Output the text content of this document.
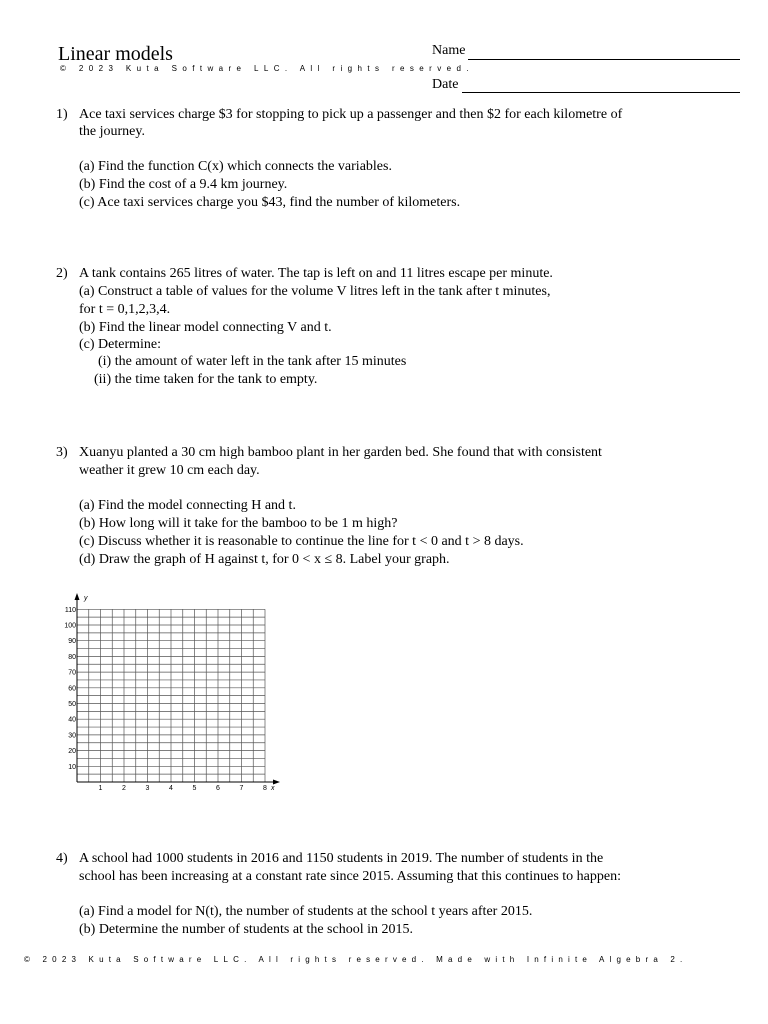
Linear models
© 2023 Kuta Software LLC. All rights reserved.
Name
Date
1) Ace taxi services charge $3 for stopping to pick up a passenger and then $2 for each kilometre of
the journey.
(a) Find the function C(x) which connects the variables.
(b) Find the cost of a 9.4 km journey.
(c) Ace taxi services charge you $43, find the number of kilometers.
2) A tank contains 265 litres of water. The tap is left on and 11 litres escape per minute.
(a) Construct a table of values for the volume V litres left in the tank after t minutes,
for t = 0,1,2,3,4.
(b) Find the linear model connecting V and t.
(c) Determine:
(i) the amount of water left in the tank after 15 minutes
(ii) the time taken for the tank to empty.
3) Xuanyu planted a 30 cm high bamboo plant in her garden bed. She found that with consistent
weather it grew 10 cm each day.
(a) Find the model connecting H and t.
(b) How long will it take for the bamboo to be 1 m high?
(c) Discuss whether it is reasonable to continue the line for t < 0 and t > 8 days.
(d) Draw the graph of H against t, for 0 < x ≤ 8. Label your graph.
y
x
10
20
30
40
50
60
70
80
90
100
110
1	2	3	4	5	6	7	8
4) A school had 1000 students in 2016 and 1150 students in 2019. The number of students in the
school has been increasing at a constant rate since 2015. Assuming that this continues to happen:
(a) Find a model for N(t), the number of students at the school t years after 2015.
(b) Determine the number of students at the school in 2015.
© 2023 Kuta Software LLC. All rights reserved. Made with Infinite Algebra 2.
